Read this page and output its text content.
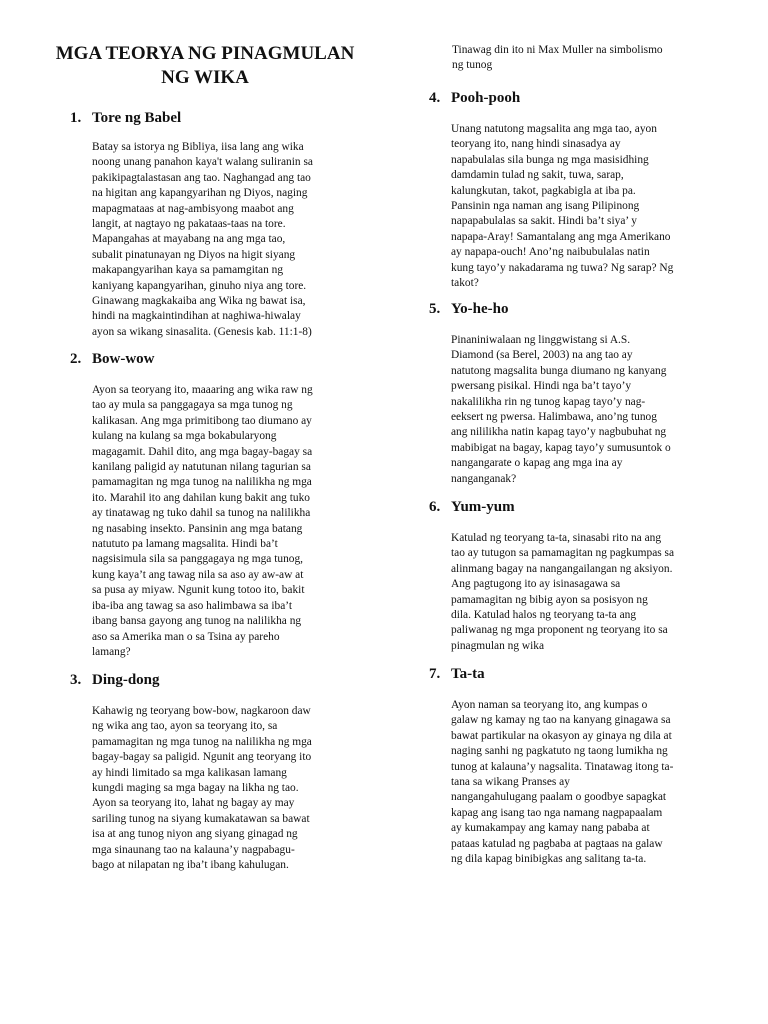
MGA TEORYA NG PINAGMULAN
NG WIKA
1. Tore ng Babel
Batay sa istorya ng Bibliya, iisa lang ang wika
noong unang panahon kaya't walang suliranin sa
pakikipagtalastasan ang tao. Naghangad ang tao
na higitan ang kapangyarihan ng Diyos, naging
mapagmataas at nag-ambisyong maabot ang
langit, at nagtayo ng pakataas-taas na tore.
Mapangahas at mayabang na ang mga tao,
subalit pinatunayan ng Diyos na higit siyang
makapangyarihan kaya sa pamamgitan ng
kaniyang kapangyarihan, ginuho niya ang tore.
Ginawang magkakaiba ang Wika ng bawat isa,
hindi na magkaintindihan at naghiwa-hiwalay
ayon sa wikang sinasalita. (Genesis kab. 11:1-8)
2. Bow-wow
Ayon sa teoryang ito, maaaring ang wika raw ng
tao ay mula sa panggagaya sa mga tunog ng
kalikasan. Ang mga primitibong tao diumano ay
kulang na kulang sa mga bokabularyong
magagamit. Dahil dito, ang mga bagay-bagay sa
kanilang paligid ay natutunan nilang tagurian sa
pamamagitan ng mga tunog na nalilikha ng mga
ito. Marahil ito ang dahilan kung bakit ang tuko
ay tinatawag ng tuko dahil sa tunog na nalilikha
ng nasabing insekto. Pansinin ang mga batang
natututo pa lamang magsalita. Hindi ba’t
nagsisimula sila sa panggagaya ng mga tunog,
kung kaya’t ang tawag nila sa aso ay aw-aw at
sa pusa ay miyaw. Ngunit kung totoo ito, bakit
iba-iba ang tawag sa aso halimbawa sa iba’t
ibang bansa gayong ang tunog na nalilikha ng
aso sa Amerika man o sa Tsina ay pareho
lamang?
3. Ding-dong
Kahawig ng teoryang bow-bow, nagkaroon daw
ng wika ang tao, ayon sa teoryang ito, sa
pamamagitan ng mga tunog na nalilikha ng mga
bagay-bagay sa paligid. Ngunit ang teoryang ito
ay hindi limitado sa mga kalikasan lamang
kungdi maging sa mga bagay na likha ng tao.
Ayon sa teoryang ito, lahat ng bagay ay may
sariling tunog na siyang kumakatawan sa bawat
isa at ang tunog niyon ang siyang ginagad ng
mga sinaunang tao na kalauna’y nagpabagu-
bago at nilapatan ng iba’t ibang kahulugan.
Tinawag din ito ni Max Muller na simbolismo
ng tunog
4. Pooh-pooh
Unang natutong magsalita ang mga tao, ayon
teoryang ito, nang hindi sinasadya ay
napabulalas sila bunga ng mga masisidhing
damdamin tulad ng sakit, tuwa, sarap,
kalungkutan, takot, pagkabigla at iba pa.
Pansinin nga naman ang isang Pilipinong
napapabulalas sa sakit. Hindi ba’t siya’ y
napapa-Aray! Samantalang ang mga Amerikano
ay napapa-ouch! Ano’ng naibubulalas natin
kung tayo’y nakadarama ng tuwa? Ng sarap? Ng
takot?
5. Yo-he-ho
Pinaniniwalaan ng linggwistang si A.S.
Diamond (sa Berel, 2003) na ang tao ay
natutong magsalita bunga diumano ng kanyang
pwersang pisikal. Hindi nga ba’t tayo’y
nakalilikha rin ng tunog kapag tayo’y nag-
eeksert ng pwersa. Halimbawa, ano’ng tunog
ang nililikha natin kapag tayo’y nagbubuhat ng
mabibigat na bagay, kapag tayo’y sumusuntok o
nangangarate o kapag ang mga ina ay
nanganganak?
6. Yum-yum
Katulad ng teoryang ta-ta, sinasabi rito na ang
tao ay tutugon sa pamamagitan ng pagkumpas sa
alinmang bagay na nangangailangan ng aksiyon.
Ang pagtugong ito ay isinasagawa sa
pamamagitan ng bibig ayon sa posisyon ng
dila. Katulad halos ng teoryang ta-ta ang
paliwanag ng mga proponent ng teoryang ito sa
pinagmulan ng wika
7. Ta-ta
Ayon naman sa teoryang ito, ang kumpas o
galaw ng kamay ng tao na kanyang ginagawa sa
bawat partikular na okasyon ay ginaya ng dila at
naging sanhi ng pagkatuto ng taong lumikha ng
tunog at kalauna’y nagsalita. Tinatawag itong ta-
tana sa wikang Pranses ay
nangangahulugang paalam o goodbye sapagkat
kapag ang isang tao nga namang nagpapaalam
ay kumakampay ang kamay nang pababa at
pataas katulad ng pagbaba at pagtaas na galaw
ng dila kapag binibigkas ang salitang ta-ta.
